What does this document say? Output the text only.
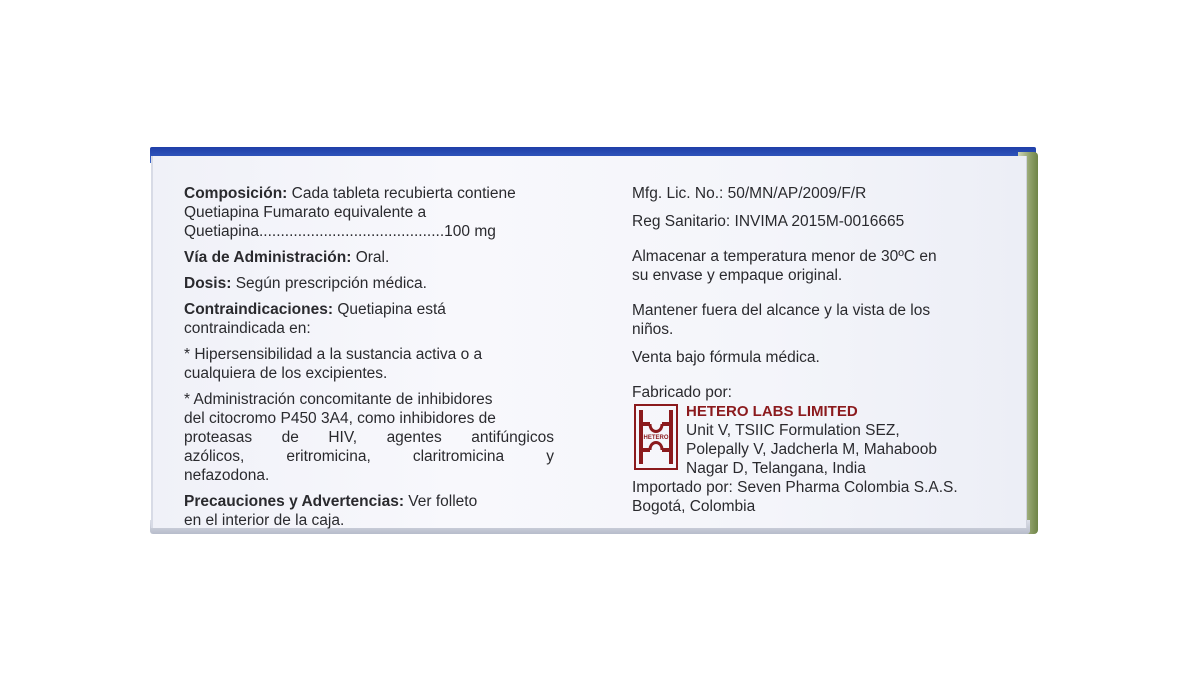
Composición: Cada tableta recubierta contiene
Quetiapina Fumarato equivalente a
Quetiapina...........................................100 mg
Vía de Administración: Oral.
Dosis: Según prescripción médica.
Contraindicaciones: Quetiapina está
contraindicada en:
* Hipersensibilidad a la sustancia activa o a
cualquiera de los excipientes.
* Administración concomitante de inhibidores
del citocromo P450 3A4, como inhibidores de
proteasas de HIV, agentes antifúngicos
azólicos,	eritromicina,	claritromicina	y
nefazodona.
Precauciones y Advertencias: Ver folleto
en el interior de la caja.
Mfg. Lic. No.: 50/MN/AP/2009/F/R
Reg Sanitario: INVIMA 2015M-0016665
Almacenar a temperatura menor de 30ºC en
su envase y empaque original.
Mantener fuera del alcance y la vista de los
niños.
Venta bajo fórmula médica.
Fabricado por:
HETERO
HETERO LABS LIMITED
Unit V, TSIIC Formulation SEZ,
Polepally V, Jadcherla M, Mahaboob
Nagar D, Telangana, India
Importado por: Seven Pharma Colombia S.A.S.
Bogotá, Colombia
